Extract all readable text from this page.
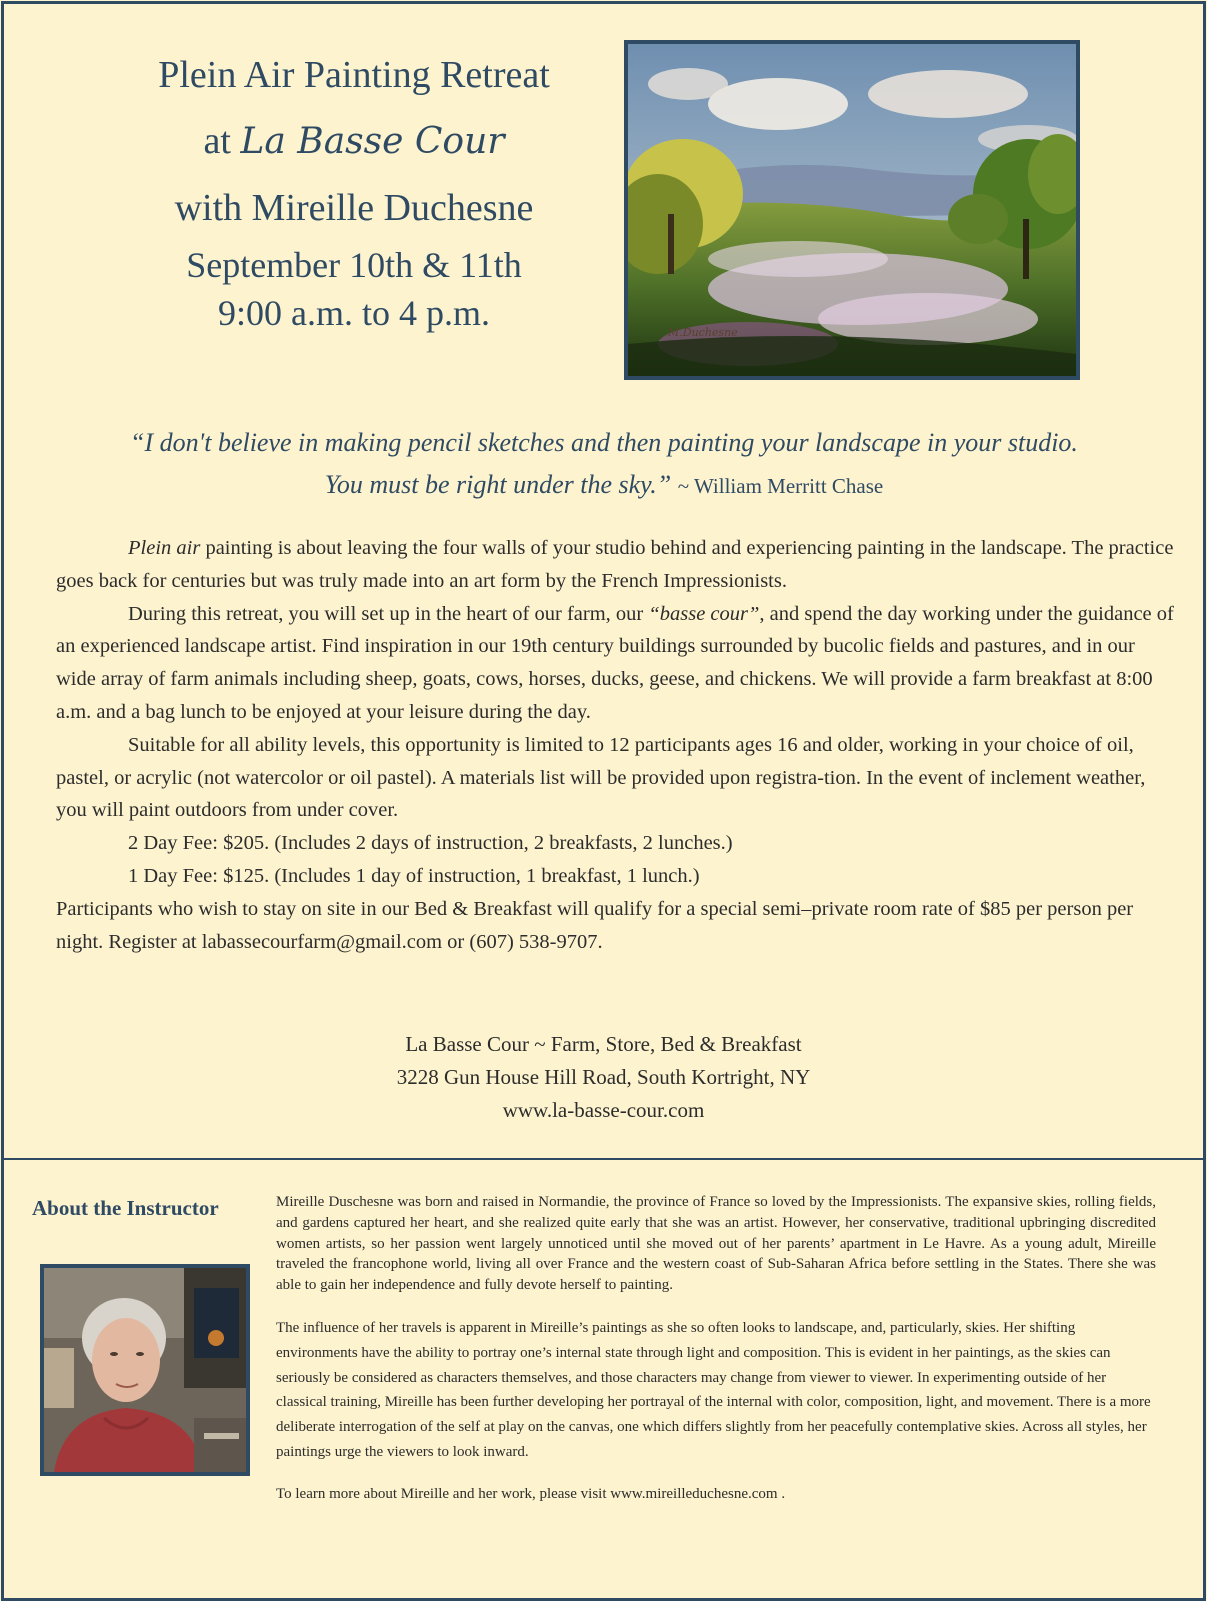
Plein Air Painting Retreat
at La Basse Cour
with Mireille Duchesne
September 10th & 11th
9:00 a.m. to 4 p.m.	M.Duchesne
“I don't believe in making pencil sketches and then painting your landscape in your studio.
You must be right under the sky.” ~ William Merritt Chase

Plein air painting is about leaving the four walls of your studio behind and experiencing painting in the landscape. The practice goes back for centuries but was truly made into an art form by the French Impressionists.

During this retreat, you will set up in the heart of our farm, our “basse cour”, and spend the day working under the guidance of an experienced landscape artist. Find inspiration in our 19th century buildings surrounded by bucolic fields and pastures, and in our wide array of farm animals including sheep, goats, cows, horses, ducks, geese, and chickens. We will provide a farm breakfast at 8:00 a.m. and a bag lunch to be enjoyed at your leisure during the day.

Suitable for all ability levels, this opportunity is limited to 12 participants ages 16 and older, working in your choice of oil, pastel, or acrylic (not watercolor or oil pastel). A materials list will be provided upon registra-tion. In the event of inclement weather, you will paint outdoors from under cover.

2 Day Fee: $205. (Includes 2 days of instruction, 2 breakfasts, 2 lunches.)

1 Day Fee: $125. (Includes 1 day of instruction, 1 breakfast, 1 lunch.)

Participants who wish to stay on site in our Bed & Breakfast will qualify for a special semi–private room rate of $85 per person per night. Register at labassecourfarm@gmail.com or (607) 538-9707.

La Basse Cour ~ Farm, Store, Bed & Breakfast
3228 Gun House Hill Road, South Kortright, NY
www.la-basse-cour.com
About the Instructor	Mireille Duschesne was born and raised in Normandie, the province of France so loved by the Impressionists. The expansive skies, rolling fields, and gardens captured her heart, and she realized quite early that she was an artist. However, her conservative, traditional upbringing discredited women artists, so her passion went largely unnoticed until she moved out of her parents’ apartment in Le Havre. As a young adult, Mireille traveled the francophone world, living all over France and the western coast of Sub-Saharan Africa before settling in the States. There she was able to gain her independence and fully devote herself to painting.

The influence of her travels is apparent in Mireille’s paintings as she so often looks to landscape, and, particularly, skies. Her shifting environments have the ability to portray one’s internal state through light and composition. This is evident in her paintings, as the skies can seriously be considered as characters themselves, and those characters may change from viewer to viewer. In experimenting outside of her classical training, Mireille has been further developing her portrayal of the internal with color, composition, light, and movement. There is a more deliberate interrogation of the self at play on the canvas, one which differs slightly from her peacefully contemplative skies. Across all styles, her paintings urge the viewers to look inward.

To learn more about Mireille and her work, please visit www.mireilleduchesne.com .
